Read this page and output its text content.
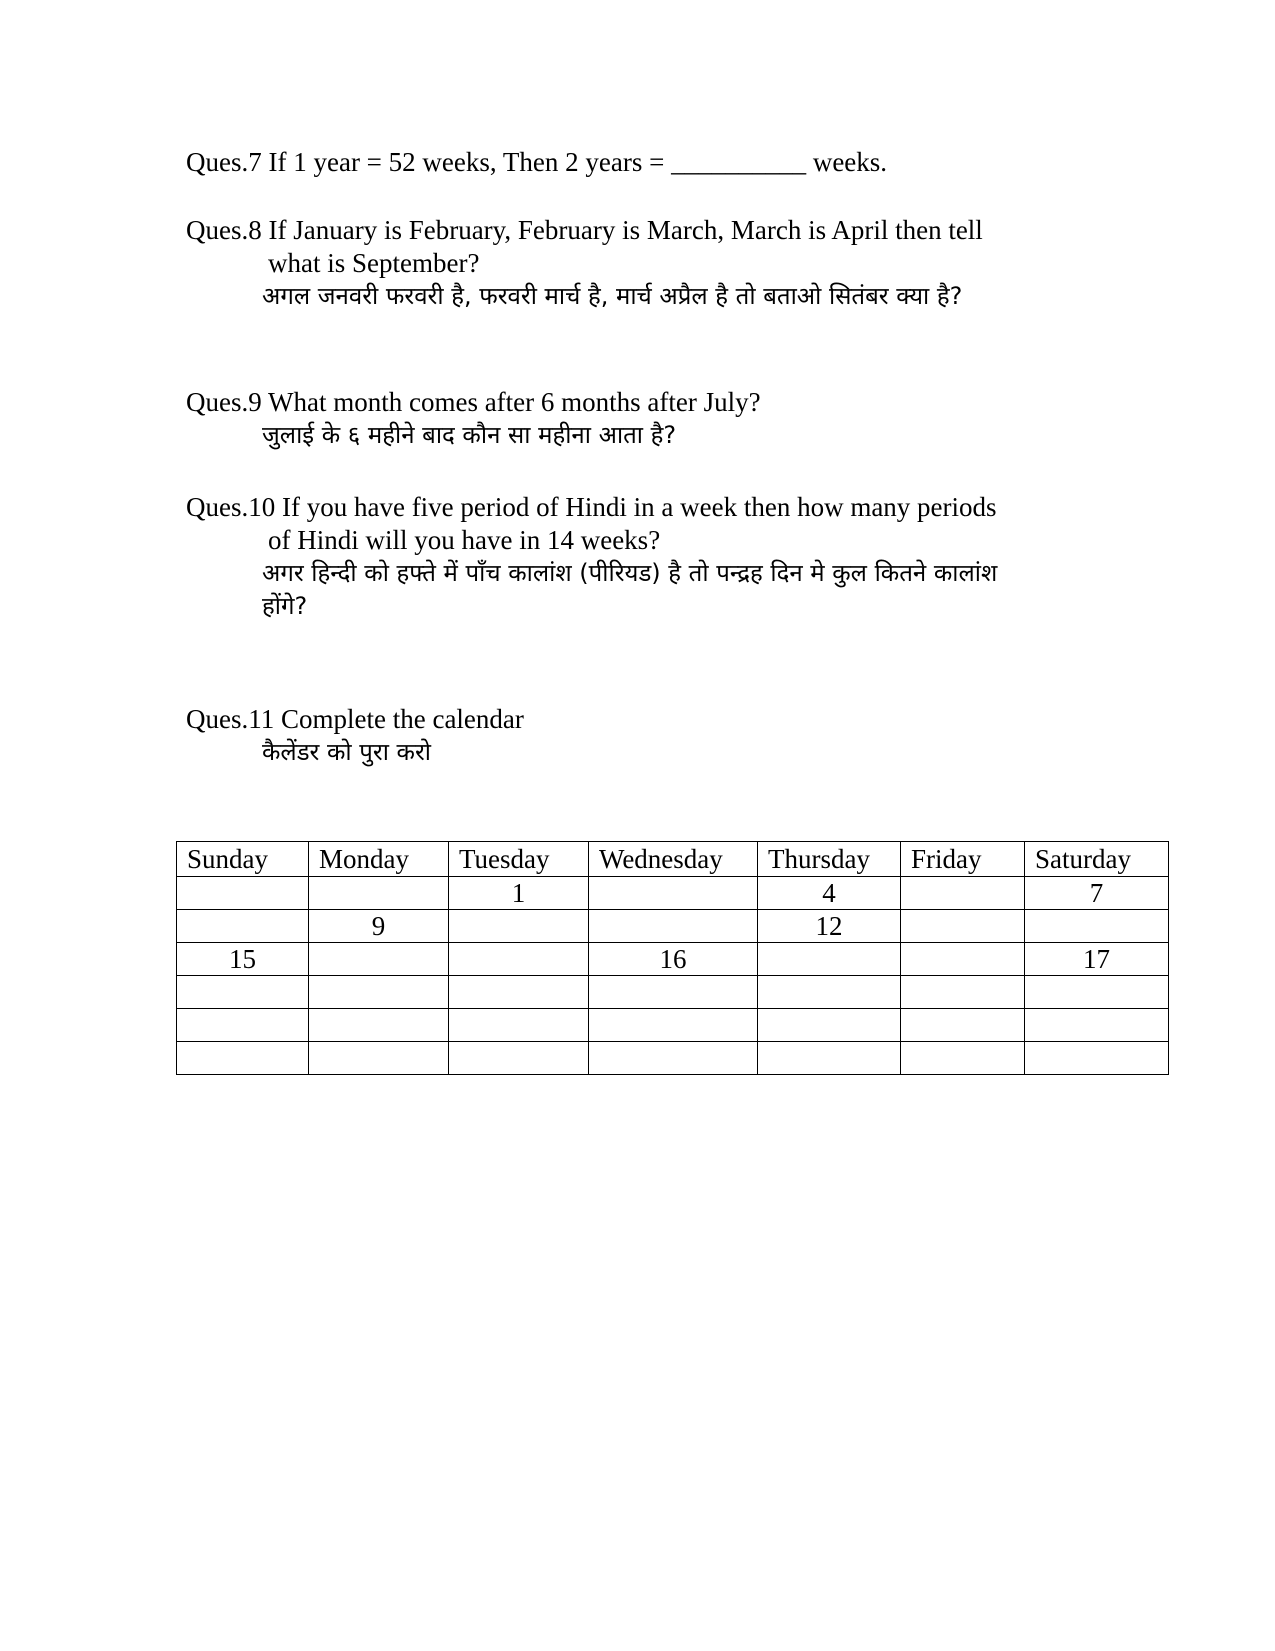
Ques.7 If 1 year = 52 weeks, Then 2 years = __________ weeks.
Ques.8 If January is February, February is March, March is April then tell
what is September?
अगल जनवरी फरवरी है, फरवरी मार्च है, मार्च अप्रैल है तो बताओ सितंबर क्या है?
Ques.9 What month comes after 6 months after July?
जुलाई के ६ महीने बाद कौन सा महीना आता है?
Ques.10 If you have five period of Hindi in a week then how many periods
of Hindi will you have in 14 weeks?
अगर हिन्दी को हफ्ते में पाँच कालांश (पीरियड) है तो पन्द्रह दिन मे कुल कितने कालांश
होंगे?
Ques.11 Complete the calendar
कैलेंडर को पुरा करो
Sunday	Monday	Tuesday	Wednesday	Thursday	Friday	Saturday
		1		4		7
	9			12		
15			16			17
